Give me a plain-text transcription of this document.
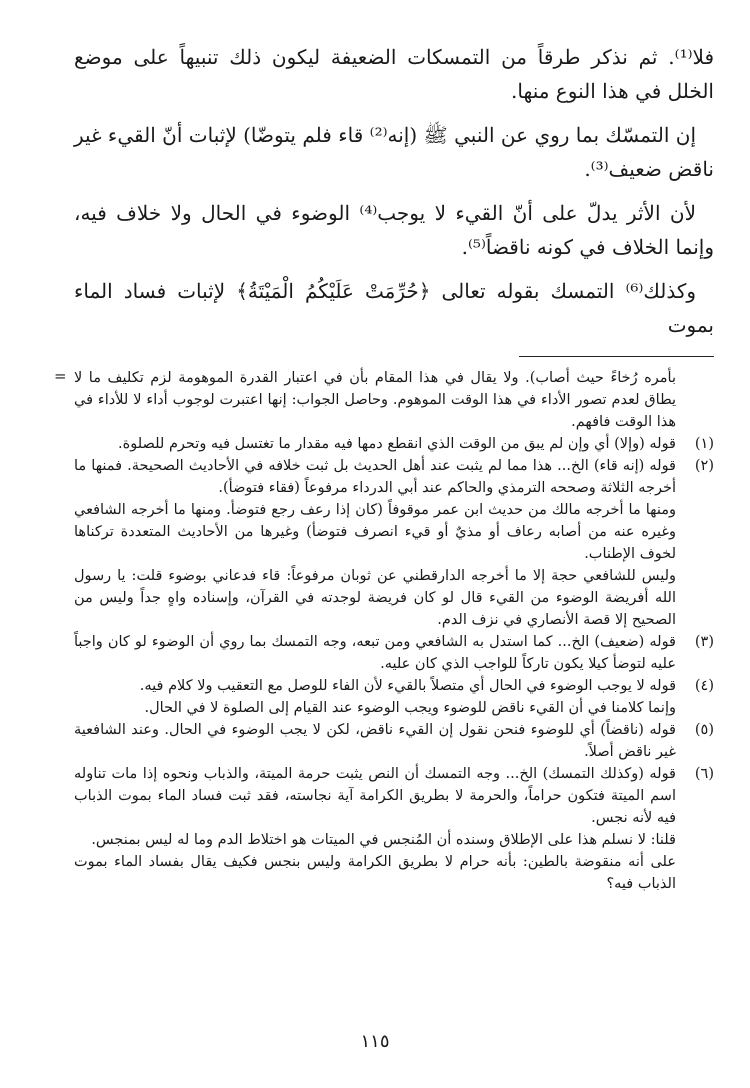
فلا⁽¹⁾. ثم نذكر طرقاً من التمسكات الضعيفة ليكون ذلك تنبيهاً على موضع الخلل في هذا النوع منها.

إن التمسّك بما روي عن النبي ﷺ (إنه⁽²⁾ قاء فلم يتوضّا) لإثبات أنّ القيء غير ناقض ضعيف⁽³⁾.

لأن الأثر يدلّ على أنّ القيء لا يوجب⁽⁴⁾ الوضوء في الحال ولا خلاف فيه، وإنما الخلاف في كونه ناقضاً⁽⁵⁾.

وكذلك⁽⁶⁾ التمسك بقوله تعالى ﴿حُرِّمَتْ عَلَيْكُمُ الْمَيْتَةُ﴾ لإثبات فساد الماء بموت

= بأمره رُخاءً حيث أصاب). ولا يقال في هذا المقام بأن في اعتبار القدرة الموهومة لزم تكليف ما لا يطاق لعدم تصور الأداء في هذا الوقت الموهوم. وحاصل الجواب: إنها اعتبرت لوجوب أداء لا للأداء في هذا الوقت فافهم.
(١)
قوله (وإلا) أي وإن لم يبق من الوقت الذي انقطع دمها فيه مقدار ما تغتسل فيه وتحرم للصلوة.
(٢)
قوله (إنه قاء) الخ... هذا مما لم يثبت عند أهل الحديث بل ثبت خلافه في الأحاديث الصحيحة. فمنها ما أخرجه الثلاثة وصححه الترمذي والحاكم عند أبي الدرداء مرفوعاً (فقاء فتوضأ).
ومنها ما أخرجه مالك من حديث ابن عمر موقوفاً (كان إذا رعف رجع فتوضأ. ومنها ما أخرجه الشافعي وغيره عنه من أصابه رعاف أو مذيٌ أو قيء انصرف فتوضأ) وغيرها من الأحاديث المتعددة تركناها لخوف الإطناب.
وليس للشافعي حجة إلا ما أخرجه الدارقطني عن ثوبان مرفوعاً: قاء فدعاني بوضوء قلت: يا رسول الله أفريضة الوضوء من القيء قال لو كان فريضة لوجدته في القرآن، وإسناده واهٍ جداً وليس من الصحيح إلا قصة الأنصاري في نزف الدم.
(٣)
قوله (ضعيف) الخ... كما استدل به الشافعي ومن تبعه، وجه التمسك بما روي أن الوضوء لو كان واجباً عليه لتوضأ كيلا يكون تاركاً للواجب الذي كان عليه.
(٤)
قوله لا يوجب الوضوء في الحال أي متصلاً بالقيء لأن الفاء للوصل مع التعقيب ولا كلام فيه.
وإنما كلامنا في أن القيء ناقض للوضوء ويجب الوضوء عند القيام إلى الصلوة لا في الحال.
(٥)
قوله (ناقضاً) أي للوضوء فنحن نقول إن القيء ناقض، لكن لا يجب الوضوء في الحال. وعند الشافعية غير ناقض أصلاً.
(٦)
قوله (وكذلك التمسك) الخ... وجه التمسك أن النص يثبت حرمة الميتة، والذباب ونحوه إذا مات تناوله اسم الميتة فتكون حراماً، والحرمة لا بطريق الكرامة آية نجاسته، فقد ثبت فساد الماء بموت الذباب فيه لأنه نجس.
قلنا: لا نسلم هذا على الإطلاق وسنده أن المُنجس في الميتات هو اختلاط الدم وما له ليس بمنجس.
على أنه منقوضة بالطين: بأنه حرام لا بطريق الكرامة وليس بنجس فكيف يقال بفساد الماء بموت الذباب فيه؟
١١٥
